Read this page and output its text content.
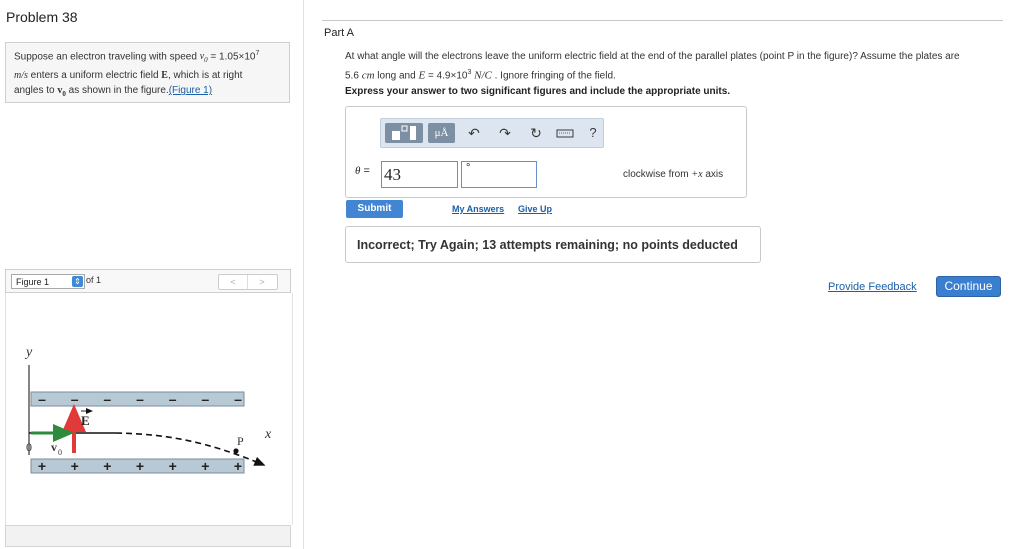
Problem 38
Suppose an electron traveling with speed $v_0 = 1.05\times 10^7$
m/s enters a uniform electric field E, which is at right
angles to $v_0$ as shown in the figure.(Figure 1)
Figure 1	⇕ of 1	<	>
y
– – – – – – –
+ + + + + + +
x
P
E
0 v 0
Part A
At what angle will the electrons leave the uniform electric field at the end of the parallel plates (point P in the figure)? Assume the plates are
5.6 cm long and $E = 4.9\times 10^3$ N/C . Ignore fringing of the field.
Express your answer to two significant figures and include the appropriate units.
μÅ	↶ ↷ ↻	?
θ = 43	°
clockwise from +x axis
Submit	My Answers Give Up
Incorrect; Try Again; 13 attempts remaining; no points deducted
Provide Feedback	Continue
